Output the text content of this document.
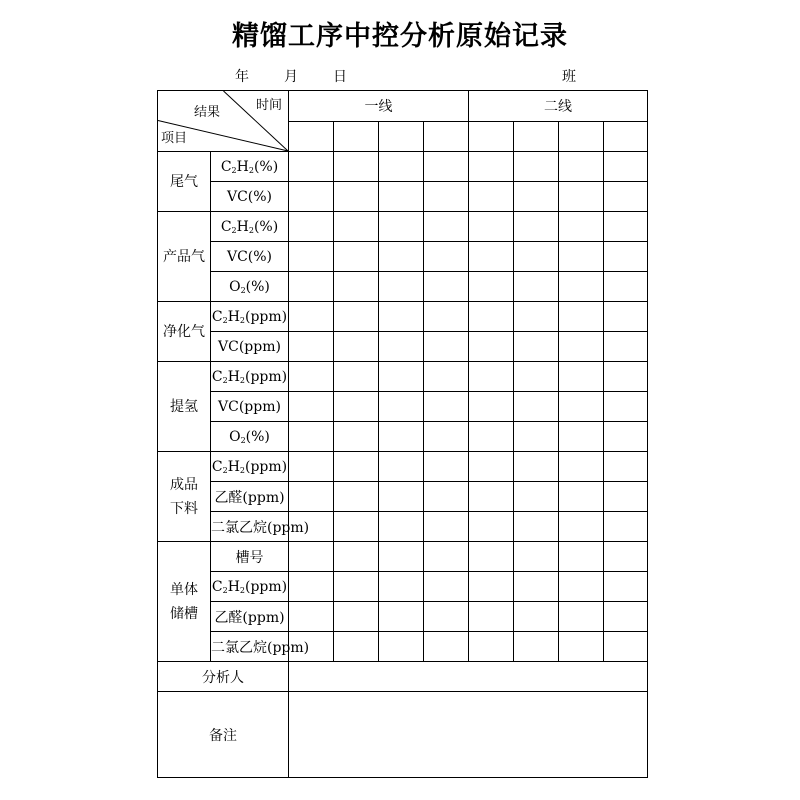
精馏工序中控分析原始记录
年	月	日	班
时间
结果
项目		一线				二线			

尾气	$C_2H_2(\%)$								
	VC(%)								
产品气	$C_2H_2(\%)$								
	VC(%)								
	$O_2(\%)$								
净化气	$C_2H_2(ppm)$								
	VC(ppm)								
提氢	$C_2H_2(ppm)$								
	VC(ppm)								
	$O_2(\%)$								
成品
下料	$C_2H_2(ppm)$								
	乙醛(ppm)								
	二氯乙烷(ppm)								
单体
储槽	槽号								
	$C_2H_2(ppm)$								
	乙醛(ppm)								
	二氯乙烷(ppm)								
分析人									
备注									
